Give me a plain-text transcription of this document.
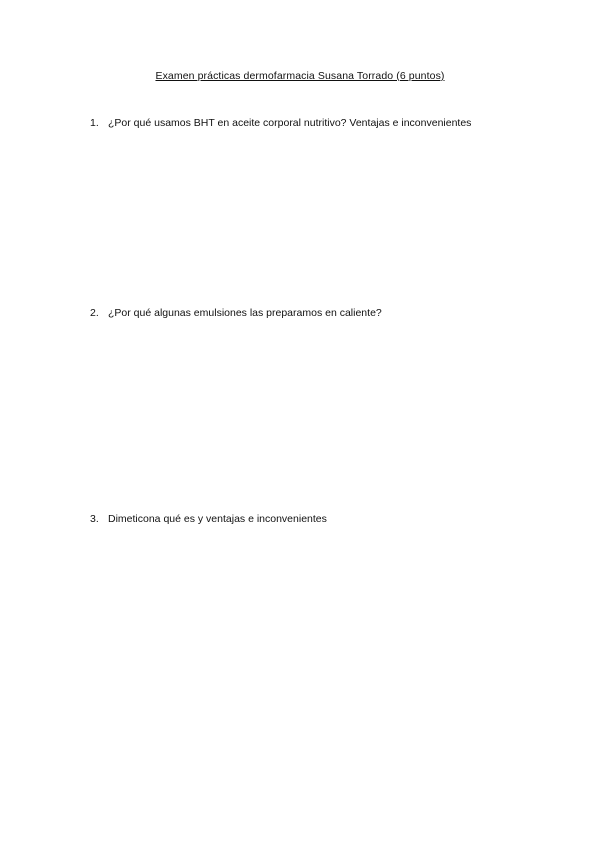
Examen prácticas dermofarmacia Susana Torrado (6 puntos)
1. ¿Por qué usamos BHT en aceite corporal nutritivo? Ventajas e inconvenientes
2. ¿Por qué algunas emulsiones las preparamos en caliente?
3. Dimeticona qué es y ventajas e inconvenientes
